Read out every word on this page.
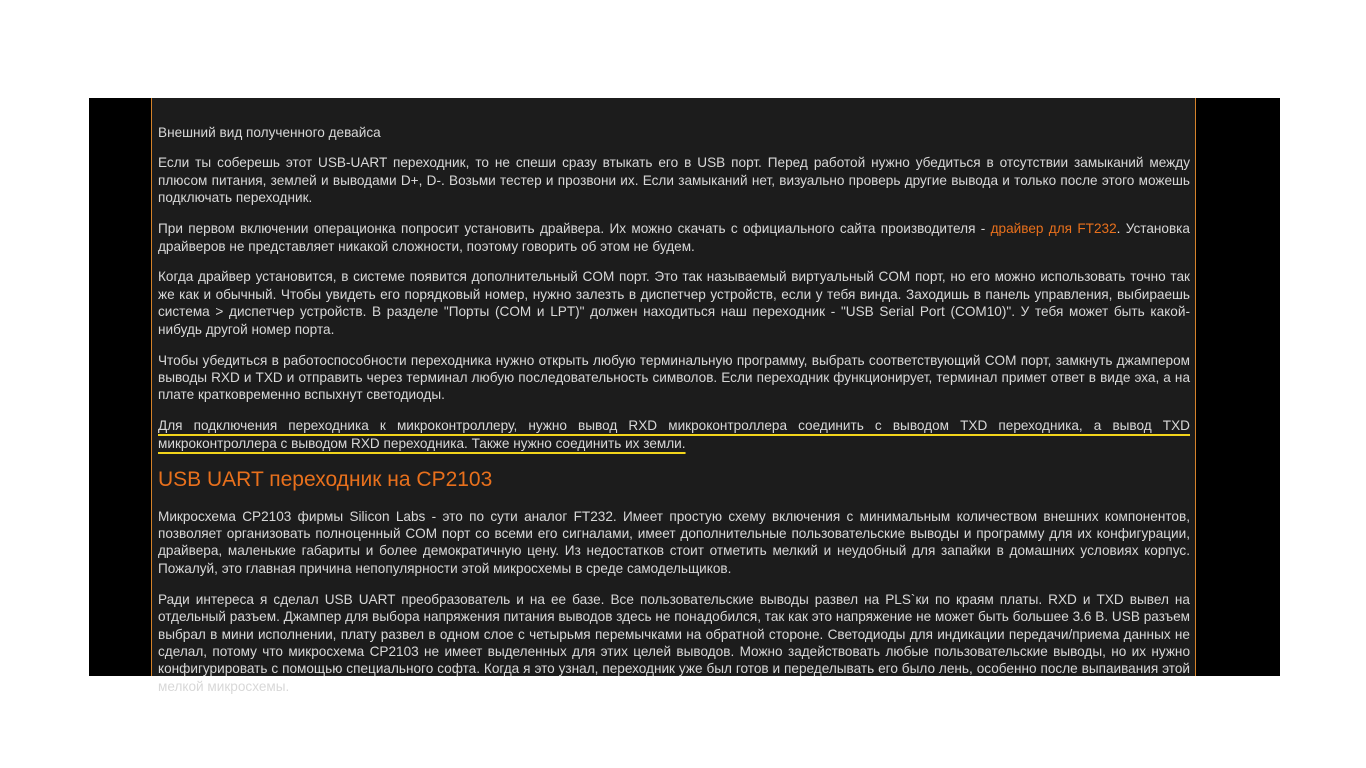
Внешний вид полученного девайса

Если ты соберешь этот USB-UART переходник, то не спеши сразу втыкать его в USB порт. Перед работой нужно убедиться в отсутствии замыканий между плюсом питания, землей и выводами D+, D-. Возьми тестер и прозвони их. Если замыканий нет, визуально проверь другие вывода и только после этого можешь подключать переходник.

При первом включении операционка попросит установить драйвера. Их можно скачать с официального сайта производителя - драйвер для FT232. Установка драйверов не представляет никакой сложности, поэтому говорить об этом не будем.

Когда драйвер установится, в системе появится дополнительный COM порт. Это так называемый виртуальный COM порт, но его можно использовать точно так же как и обычный. Чтобы увидеть его порядковый номер, нужно залезть в диспетчер устройств, если у тебя винда. Заходишь в панель управления, выбираешь система > диспетчер устройств. В разделе "Порты (COM и LPT)" должен находиться наш переходник - "USB Serial Port (COM10)". У тебя может быть какой-нибудь другой номер порта.

Чтобы убедиться в работоспособности переходника нужно открыть любую терминальную программу, выбрать соответствующий COM порт, замкнуть джампером выводы RXD и TXD и отправить через терминал любую последовательность символов. Если переходник функционирует, терминал примет ответ в виде эха, а на плате кратковременно вспыхнут светодиоды.

Для подключения переходника к микроконтроллеру, нужно вывод RXD микроконтроллера соединить с выводом TXD переходника, а вывод TXD микроконтроллера с выводом RXD переходника. Также нужно соединить их земли.

USB UART переходник на CP2103

Микросхема CP2103 фирмы Silicon Labs - это по сути аналог FT232. Имеет простую схему включения с минимальным количеством внешних компонентов, позволяет организовать полноценный COM порт со всеми его сигналами, имеет дополнительные пользовательские выводы и программу для их конфигурации, драйвера, маленькие габариты и более демократичную цену. Из недостатков стоит отметить мелкий и неудобный для запайки в домашних условиях корпус. Пожалуй, это главная причина непопулярности этой микросхемы в среде самодельщиков.

Ради интереса я сделал USB UART преобразователь и на ее базе. Все пользовательские выводы развел на PLS`ки по краям платы. RXD и TXD вывел на отдельный разъем. Джампер для выбора напряжения питания выводов здесь не понадобился, так как это напряжение не может быть большее 3.6 В. USB разъем выбрал в мини исполнении, плату развел в одном слое с четырьмя перемычками на обратной стороне. Светодиоды для индикации передачи/приема данных не сделал, потому что микросхема CP2103 не имеет выделенных для этих целей выводов. Можно задействовать любые пользовательские выводы, но их нужно конфигурировать с помощью специального софта. Когда я это узнал, переходник уже был готов и переделывать его было лень, особенно после выпаивания этой мелкой микросхемы.
